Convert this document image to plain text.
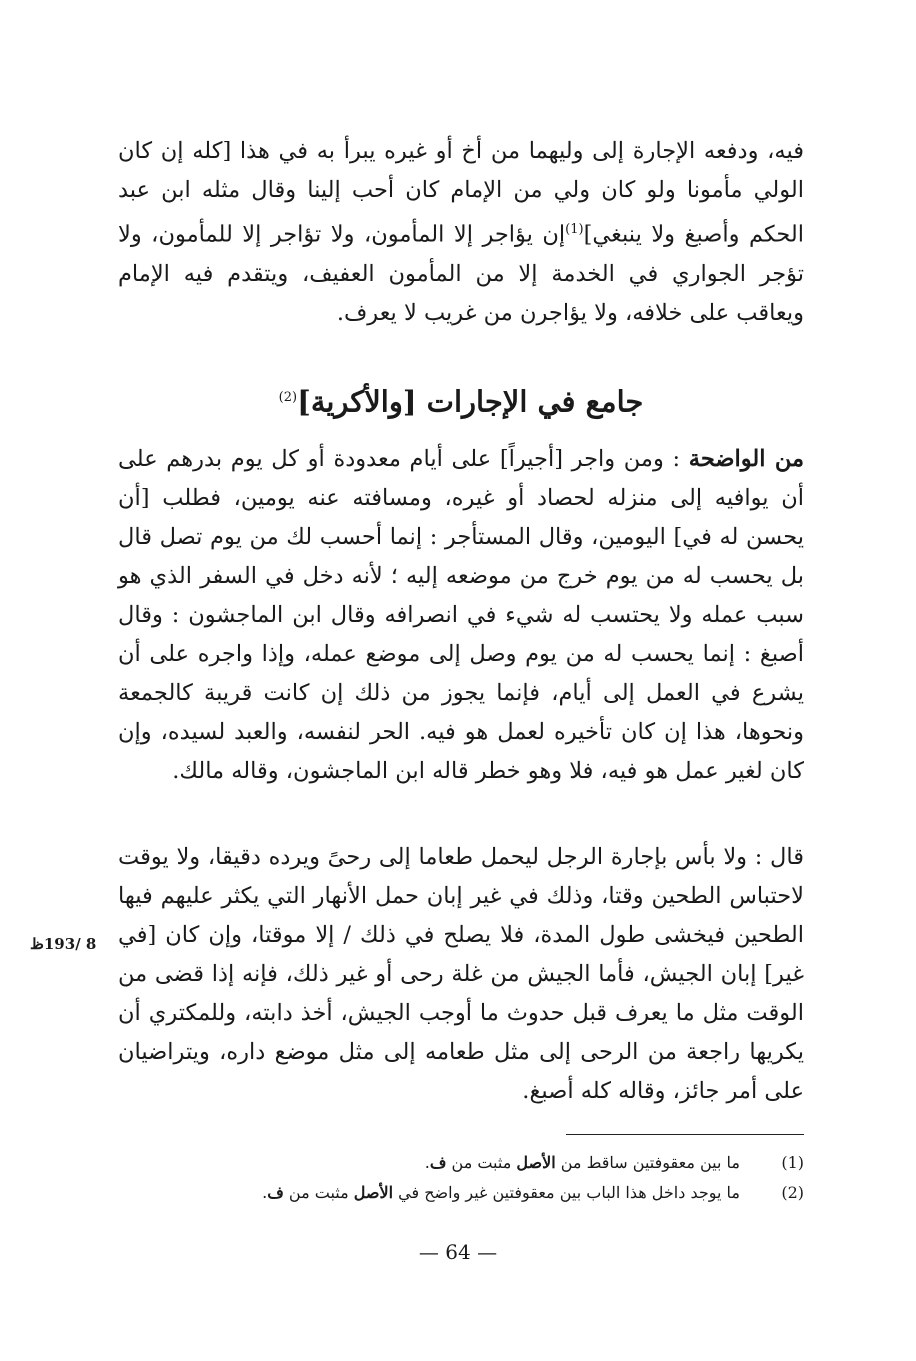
فيه، ودفعه الإجارة إلى وليهما من أخ أو غيره يبرأ به في هذا [كله إن كان الولي مأمونا ولو كان ولي من الإمام كان أحب إلينا وقال مثله ابن عبد الحكم وأصبغ ولا ينبغي]$^{(1)}$إن يؤاجر إلا المأمون، ولا تؤاجر إلا للمأمون، ولا تؤجر الجواري في الخدمة إلا من المأمون العفيف، ويتقدم فيه الإمام ويعاقب على خلافه، ولا يؤاجرن من غريب لا يعرف.

جامع في الإجارات [والأكرية]$^{(2)}$

من الواضحة : ومن واجر [أجيراً] على أيام معدودة أو كل يوم بدرهم على أن يوافيه إلى منزله لحصاد أو غيره، ومسافته عنه يومين، فطلب [أن يحسن له في] اليومين، وقال المستأجر : إنما أحسب لك من يوم تصل قال بل يحسب له من يوم خرج من موضعه إليه ؛ لأنه دخل في السفر الذي هو سبب عمله ولا يحتسب له شيء في انصرافه وقال ابن الماجشون : وقال أصبغ : إنما يحسب له من يوم وصل إلى موضع عمله، وإذا واجره على أن يشرع في العمل إلى أيام، فإنما يجوز من ذلك إن كانت قريبة كالجمعة ونحوها، هذا إن كان تأخيره لعمل هو فيه. الحر لنفسه، والعبد لسيده، وإن كان لغير عمل هو فيه، فلا وهو خطر قاله ابن الماجشون، وقاله مالك.

قال : ولا بأس بإجارة الرجل ليحمل طعاما إلى رحىً ويرده دقيقا، ولا يوقت لاحتباس الطحين وقتا، وذلك في غير إبان حمل الأنهار التي يكثر عليهم فيها الطحين فيخشى طول المدة، فلا يصلح في ذلك / إلا موقتا، وإن كان [في غير] إبان الجيش، فأما الجيش من غلة رحى أو غير ذلك، فإنه إذا قضى من الوقت مثل ما يعرف قبل حدوث ما أوجب الجيش، أخذ دابته، وللمكتري أن يكريها راجعة من الرحى إلى مثل طعامه إلى مثل موضع داره، ويتراضيان على أمر جائز، وقاله كله أصبغ.

8 /193ظ
(1)
ما بين معقوفتين ساقط من الأصل مثبت من ف.
(2)
ما يوجد داخل هذا الباب بين معقوفتين غير واضح في الأصل مثبت من ف.
— 64 —
